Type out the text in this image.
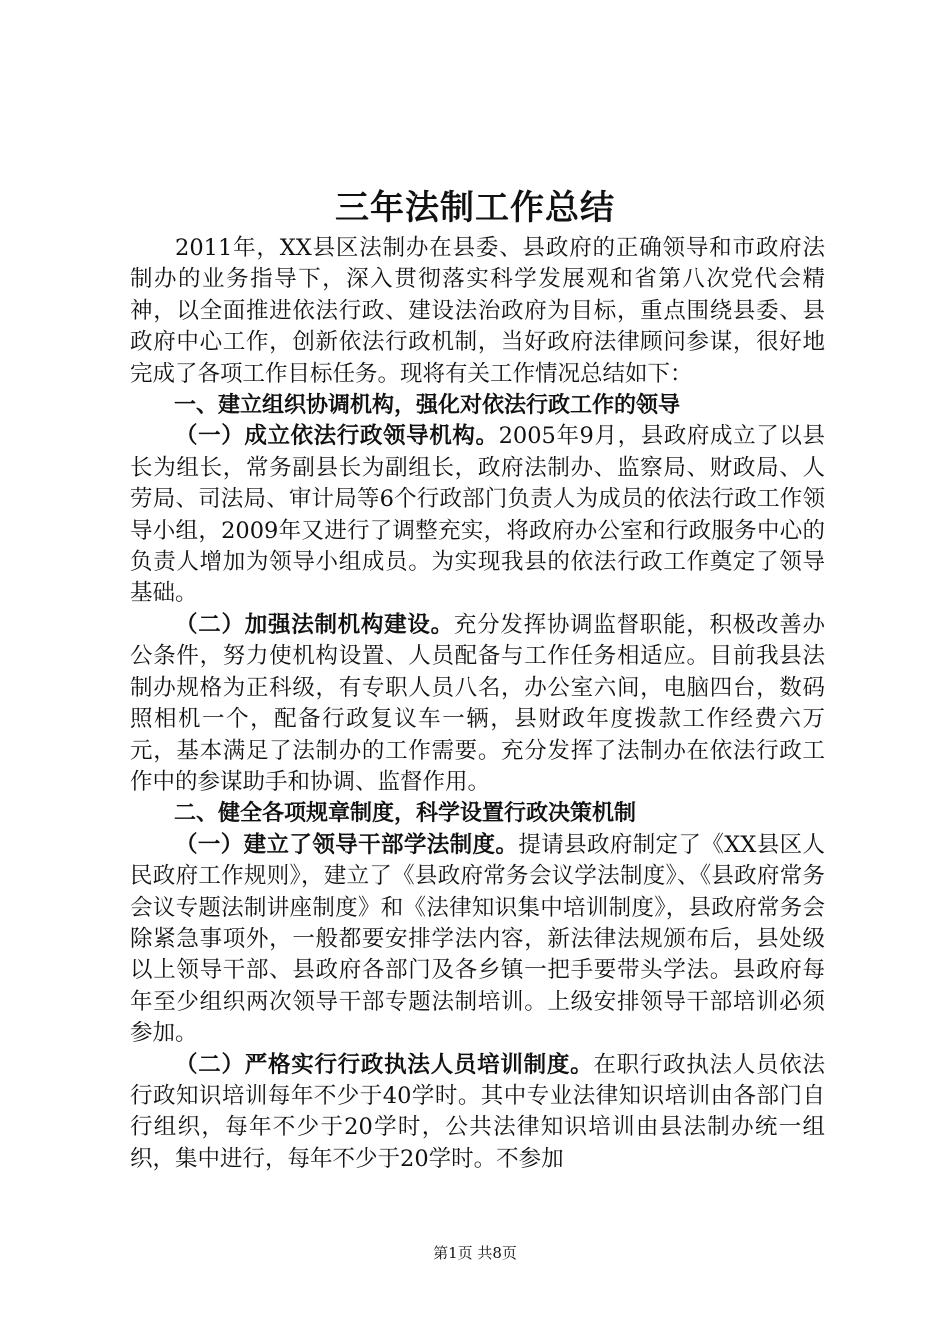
三年法制工作总结

2011年，XX县区法制办在县委、县政府的正确领导和市政府法制办的业务指导下，深入贯彻落实科学发展观和省第八次党代会精神，以全面推进依法行政、建设法治政府为目标，重点围绕县委、县政府中心工作，创新依法行政机制，当好政府法律顾问参谋，很好地完成了各项工作目标任务。现将有关工作情况总结如下：

一、建立组织协调机构，强化对依法行政工作的领导

（一）成立依法行政领导机构。2005年9月，县政府成立了以县长为组长，常务副县长为副组长，政府法制办、监察局、财政局、人劳局、司法局、审计局等6个行政部门负责人为成员的依法行政工作领导小组，2009年又进行了调整充实，将政府办公室和行政服务中心的负责人增加为领导小组成员。为实现我县的依法行政工作奠定了领导基础。

（二）加强法制机构建设。充分发挥协调监督职能，积极改善办公条件，努力使机构设置、人员配备与工作任务相适应。目前我县法制办规格为正科级，有专职人员八名，办公室六间，电脑四台，数码照相机一个，配备行政复议车一辆，县财政年度拨款工作经费六万元，基本满足了法制办的工作需要。充分发挥了法制办在依法行政工作中的参谋助手和协调、监督作用。

二、健全各项规章制度，科学设置行政决策机制

（一）建立了领导干部学法制度。提请县政府制定了《XX县区人民政府工作规则》，建立了《县政府常务会议学法制度》、《县政府常务会议专题法制讲座制度》和《法律知识集中培训制度》，县政府常务会除紧急事项外，一般都要安排学法内容，新法律法规颁布后，县处级以上领导干部、县政府各部门及各乡镇一把手要带头学法。县政府每年至少组织两次领导干部专题法制培训。上级安排领导干部培训必须参加。

（二）严格实行行政执法人员培训制度。在职行政执法人员依法行政知识培训每年不少于40学时。其中专业法律知识培训由各部门自行组织，每年不少于20学时，公共法律知识培训由县法制办统一组织，集中进行，每年不少于20学时。不参加

第1页 共8页
